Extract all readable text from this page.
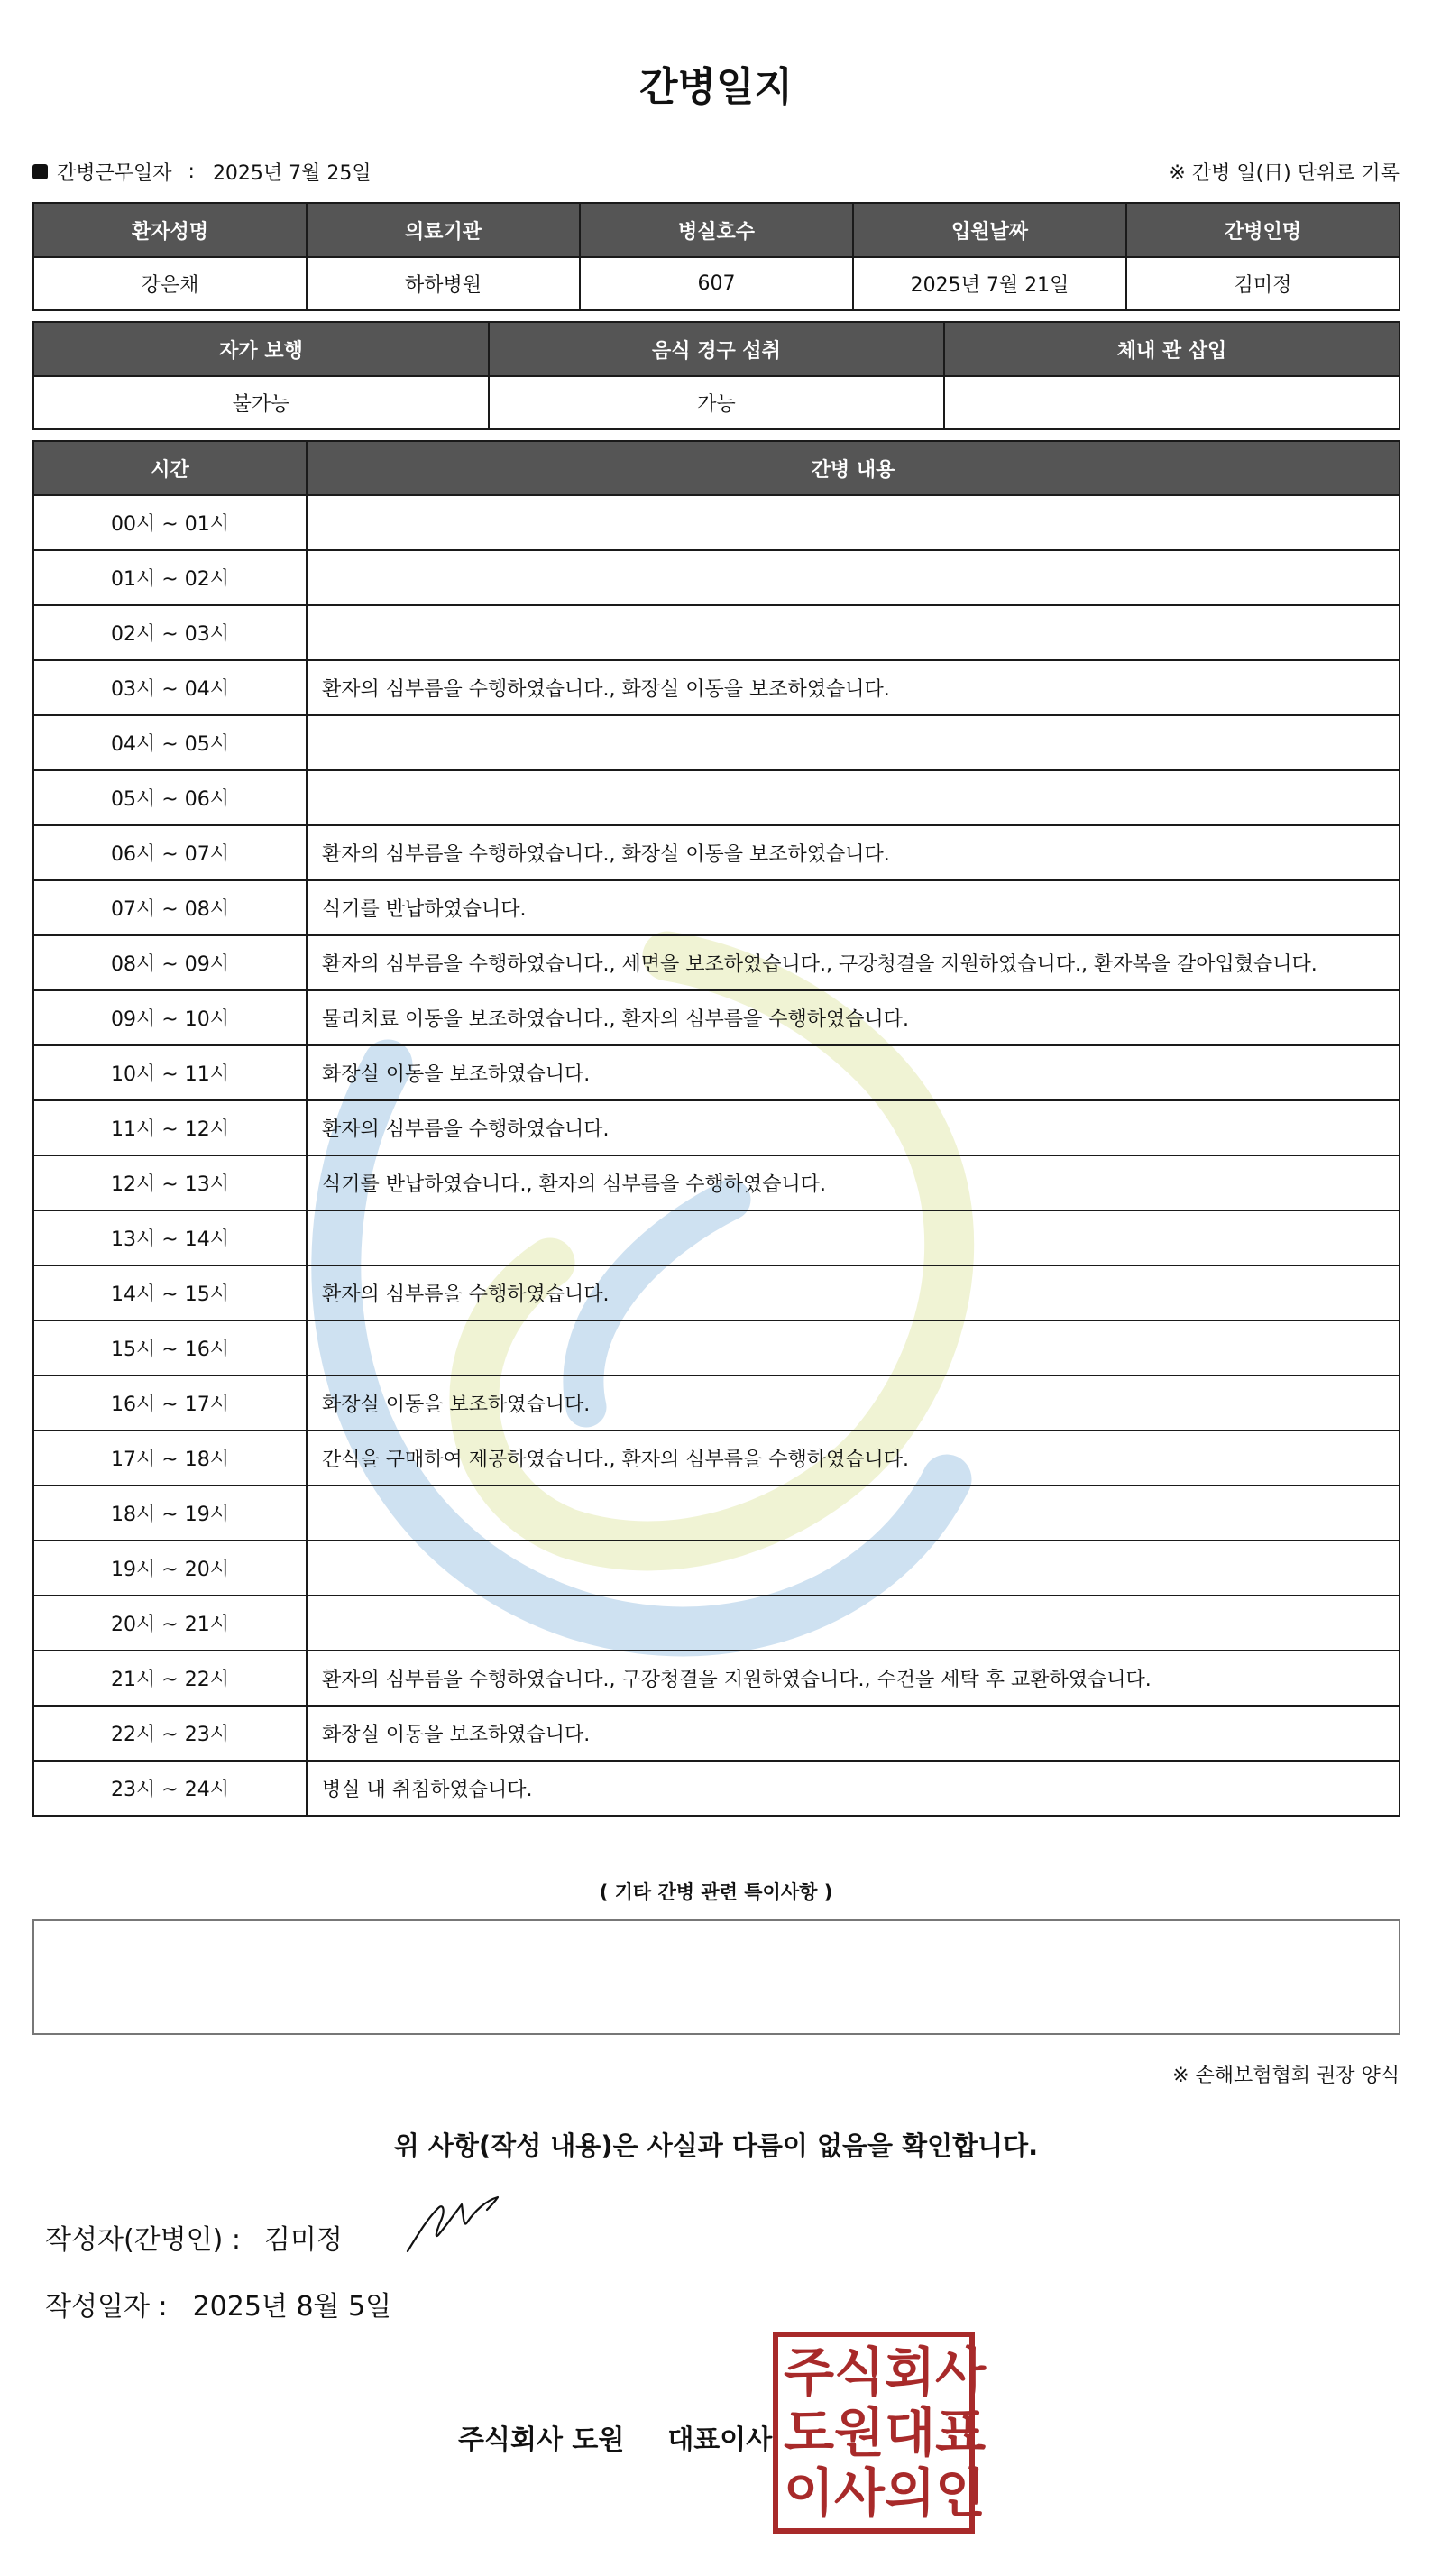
간병일지
간병근무일자 : 2025년 7월 25일	※ 간병 일(日) 단위로 기록
환자성명	의료기관	병실호수	입원날짜	간병인명
강은채	하하병원	607	2025년 7월 21일	김미정
자가 보행	음식 경구 섭취	체내 관 삽입
불가능	가능	
시간	간병 내용
00시 ~ 01시	
01시 ~ 02시	
02시 ~ 03시	
03시 ~ 04시	환자의 심부름을 수행하였습니다., 화장실 이동을 보조하였습니다.
04시 ~ 05시	
05시 ~ 06시	
06시 ~ 07시	환자의 심부름을 수행하였습니다., 화장실 이동을 보조하였습니다.
07시 ~ 08시	식기를 반납하였습니다.
08시 ~ 09시	환자의 심부름을 수행하였습니다., 세면을 보조하였습니다., 구강청결을 지원하였습니다., 환자복을 갈아입혔습니다.
09시 ~ 10시	물리치료 이동을 보조하였습니다., 환자의 심부름을 수행하였습니다.
10시 ~ 11시	화장실 이동을 보조하였습니다.
11시 ~ 12시	환자의 심부름을 수행하였습니다.
12시 ~ 13시	식기를 반납하였습니다., 환자의 심부름을 수행하였습니다.
13시 ~ 14시	
14시 ~ 15시	환자의 심부름을 수행하였습니다.
15시 ~ 16시	
16시 ~ 17시	화장실 이동을 보조하였습니다.
17시 ~ 18시	간식을 구매하여 제공하였습니다., 환자의 심부름을 수행하였습니다.
18시 ~ 19시	
19시 ~ 20시	
20시 ~ 21시	
21시 ~ 22시	환자의 심부름을 수행하였습니다., 구강청결을 지원하였습니다., 수건을 세탁 후 교환하였습니다.
22시 ~ 23시	화장실 이동을 보조하였습니다.
23시 ~ 24시	병실 내 취침하였습니다.
( 기타 간병 관련 특이사항 )
※ 손해보험협회 권장 양식
위 사항(작성 내용)은 사실과 다름이 없음을 확인합니다.
작성자(간병인) : 김미정
작성일자 : 2025년 8월 5일
주식회사 도원 대표이사
주 식 회 사
도 원 대 표
이 사 의 인
